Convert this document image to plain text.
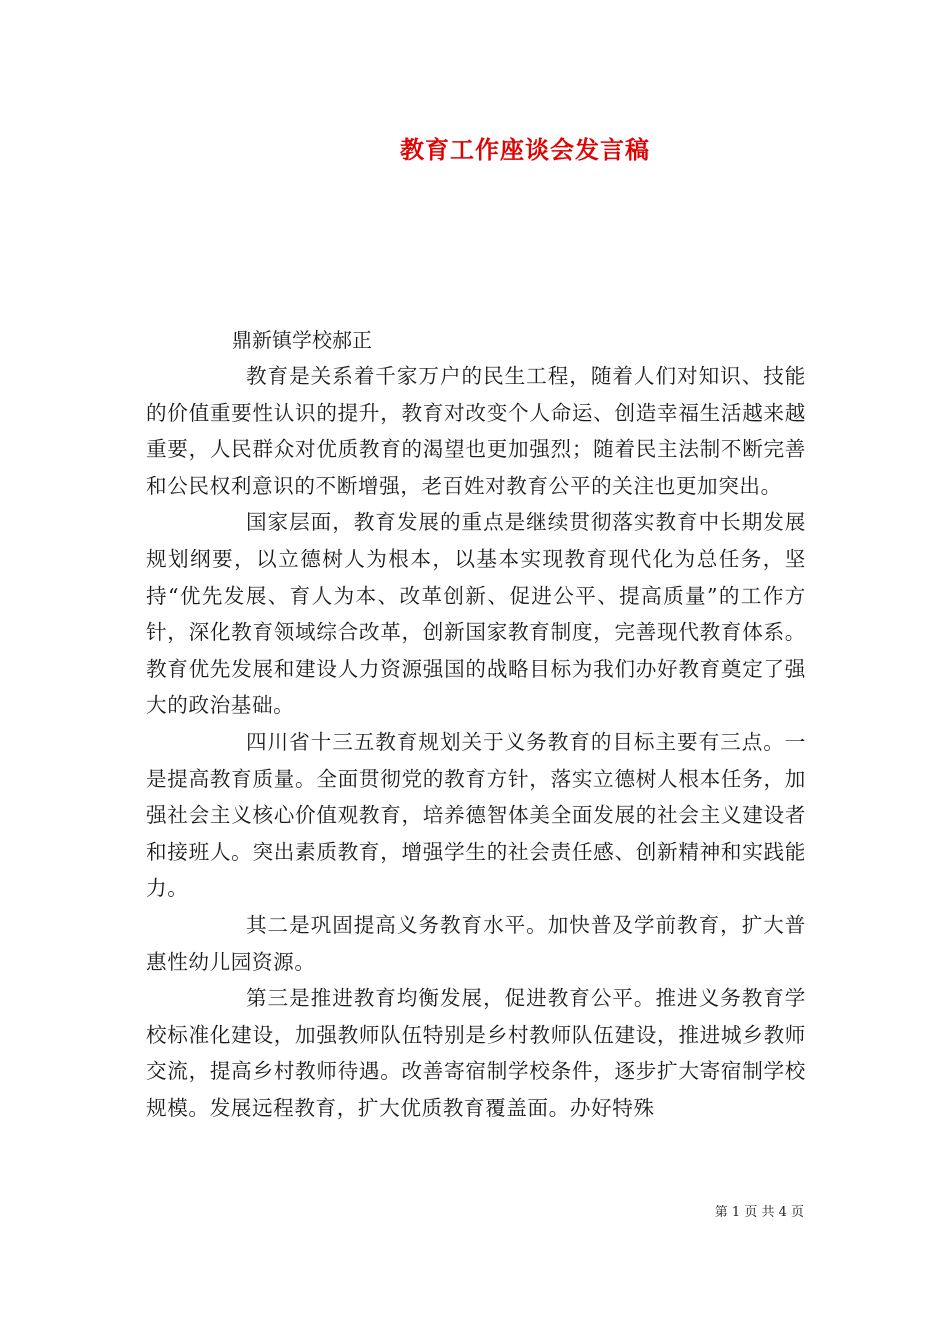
教育工作座谈会发言稿
鼎新镇学校郝正

教育是关系着千家万户的民生工程，随着人们对知识、技能的价值重要性认识的提升，教育对改变个人命运、创造幸福生活越来越重要，人民群众对优质教育的渴望也更加强烈；随着民主法制不断完善和公民权利意识的不断增强，老百姓对教育公平的关注也更加突出。

国家层面，教育发展的重点是继续贯彻落实教育中长期发展规划纲要，以立德树人为根本，以基本实现教育现代化为总任务，坚持“优先发展、育人为本、改革创新、促进公平、提高质量”的工作方针，深化教育领域综合改革，创新国家教育制度，完善现代教育体系。教育优先发展和建设人力资源强国的战略目标为我们办好教育奠定了强大的政治基础。

四川省十三五教育规划关于义务教育的目标主要有三点。一是提高教育质量。全面贯彻党的教育方针，落实立德树人根本任务，加强社会主义核心价值观教育，培养德智体美全面发展的社会主义建设者和接班人。突出素质教育，增强学生的社会责任感、创新精神和实践能力。

其二是巩固提高义务教育水平。加快普及学前教育，扩大普惠性幼儿园资源。

第三是推进教育均衡发展，促进教育公平。推进义务教育学校标准化建设，加强教师队伍特别是乡村教师队伍建设，推进城乡教师交流，提高乡村教师待遇。改善寄宿制学校条件，逐步扩大寄宿制学校规模。发展远程教育，扩大优质教育覆盖面。办好特殊

第 1 页 共 4 页
